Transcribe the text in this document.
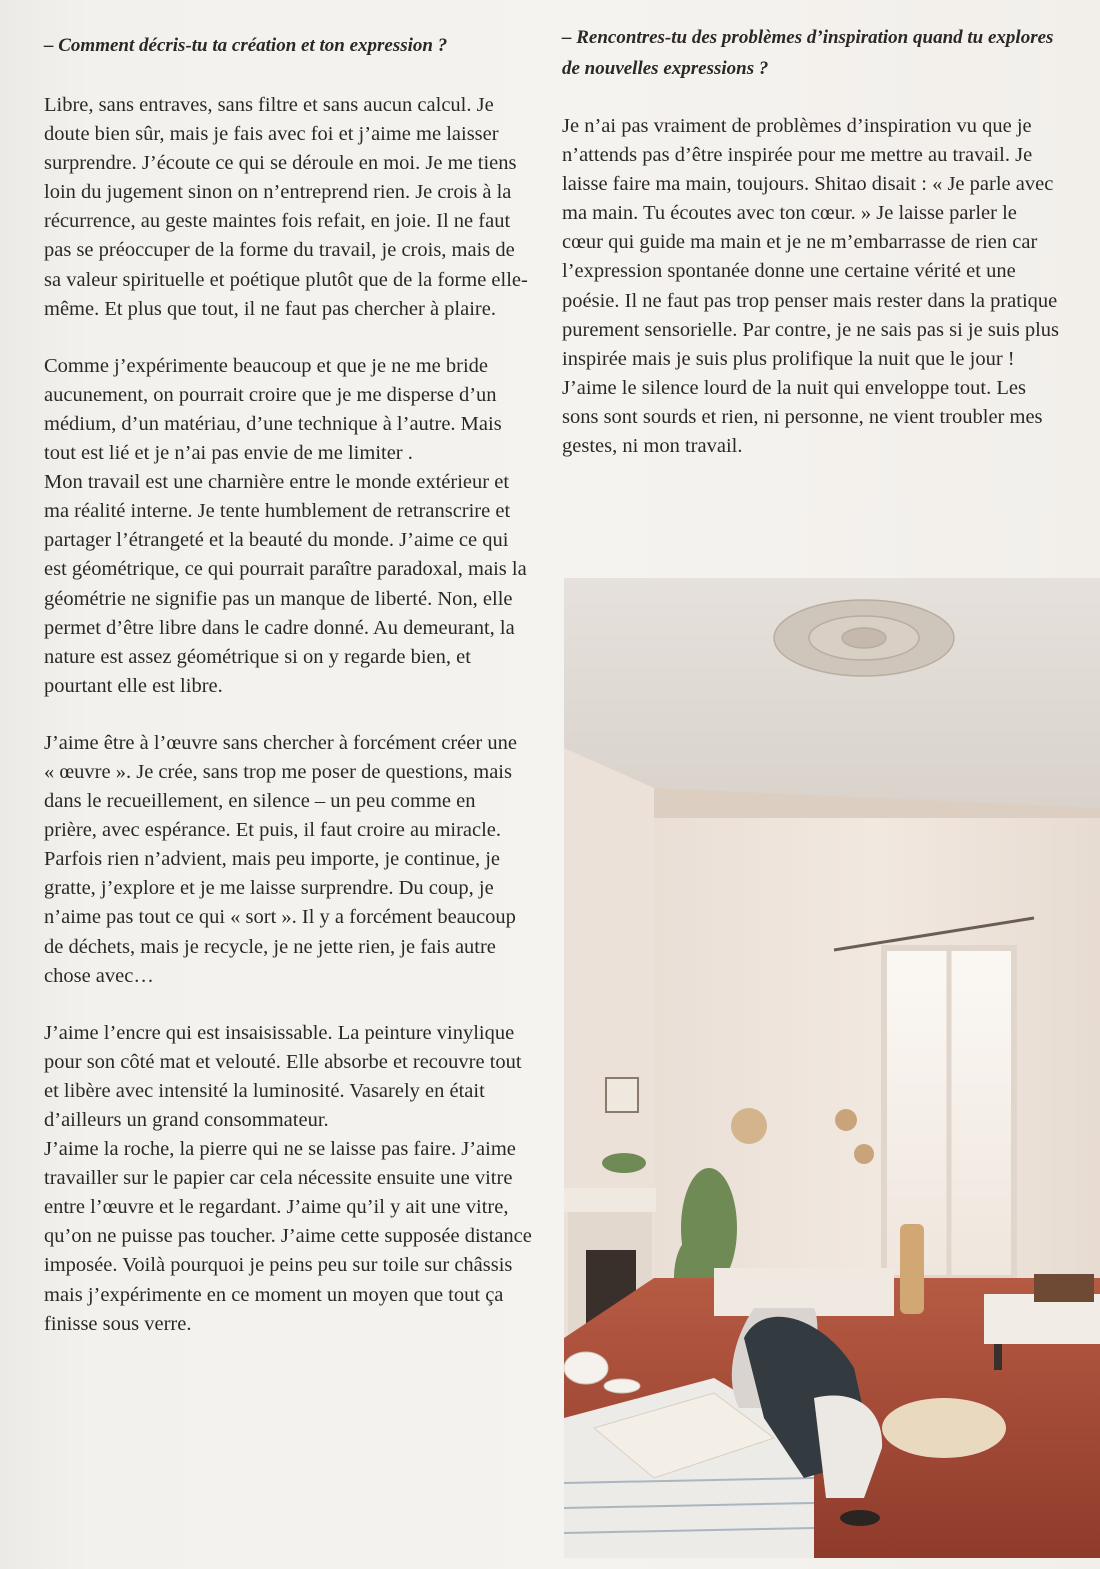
– Comment décris-tu ta création et ton expression ?

Libre, sans entraves, sans filtre et sans aucun calcul. Je doute bien sûr, mais je fais avec foi et j’aime me laisser surprendre. J’écoute ce qui se déroule en moi. Je me tiens loin du jugement sinon on n’entreprend rien. Je crois à la récurrence, au geste maintes fois refait, en joie. Il ne faut pas se préoccuper de la forme du travail, je crois, mais de sa valeur spirituelle et poétique plutôt que de la forme elle-même. Et plus que tout, il ne faut pas chercher à plaire.

Comme j’expérimente beaucoup et que je ne me bride aucunement, on pourrait croire que je me disperse d’un médium, d’un matériau, d’une technique à l’autre. Mais tout est lié et je n’ai pas envie de me limiter .

Mon travail est une charnière entre le monde extérieur et ma réalité interne. Je tente humblement de retranscrire et partager l’étrangeté et la beauté du monde. J’aime ce qui est géométrique, ce qui pourrait paraître paradoxal, mais la géométrie ne signifie pas un manque de liberté. Non, elle permet d’être libre dans le cadre donné. Au demeurant, la nature est assez géométrique si on y regarde bien, et pourtant elle est libre.

J’aime être à l’œuvre sans chercher à forcément créer une « œuvre ». Je crée, sans trop me poser de questions, mais dans le recueillement, en silence – un peu comme en prière, avec espérance. Et puis, il faut croire au miracle. Parfois rien n’advient, mais peu importe, je continue, je gratte, j’explore et je me laisse surprendre. Du coup, je n’aime pas tout ce qui « sort ». Il y a forcément beaucoup de déchets, mais je recycle, je ne jette rien, je fais autre chose avec…

J’aime l’encre qui est insaisissable. La peinture vinylique pour son côté mat et velouté. Elle absorbe et recouvre tout et libère avec intensité la luminosité. Vasarely en était d’ailleurs un grand consommateur.

J’aime la roche, la pierre qui ne se laisse pas faire. J’aime travailler sur le papier car cela nécessite ensuite une vitre entre l’œuvre et le regardant. J’aime qu’il y ait une vitre, qu’on ne puisse pas toucher. J’aime cette supposée distance imposée. Voilà pourquoi je peins peu sur toile sur châssis mais j’expérimente en ce moment un moyen que tout ça finisse sous verre.

– Rencontres-tu des problèmes d’inspiration quand tu explores de nouvelles expressions ?

Je n’ai pas vraiment de problèmes d’inspiration vu que je n’attends pas d’être inspirée pour me mettre au travail. Je laisse faire ma main, toujours. Shitao disait : « Je parle avec ma main. Tu écoutes avec ton cœur. » Je laisse parler le cœur qui guide ma main et je ne m’embarrasse de rien car l’expression spontanée donne une certaine vérité et une poésie. Il ne faut pas trop penser mais rester dans la pratique purement sensorielle. Par contre, je ne sais pas si je suis plus inspirée mais je suis plus prolifique la nuit que le jour ! J’aime le silence lourd de la nuit qui enveloppe tout. Les sons sont sourds et rien, ni personne, ne vient troubler mes gestes, ni mon travail.
